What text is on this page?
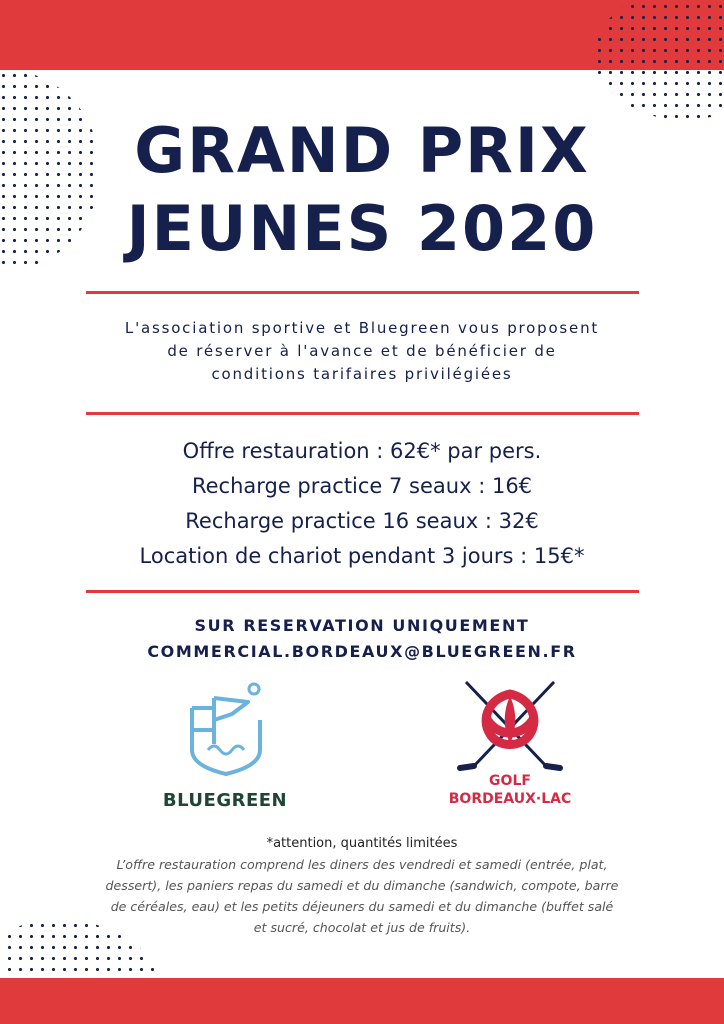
GRAND PRIX
JEUNES 2020
L'association sportive et Bluegreen vous proposent
de réserver à l'avance et de bénéficier de
conditions tarifaires privilégiées
Offre restauration : 62€* par pers.
Recharge practice 7 seaux : 16€
Recharge practice 16 seaux : 32€
Location de chariot pendant 3 jours : 15€*
SUR RESERVATION UNIQUEMENT
COMMERCIAL.BORDEAUX@BLUEGREEN.FR
BLUEGREEN
GOLF
BORDEAUX·LAC
*attention, quantités limitées
L’offre restauration comprend les diners des vendredi et samedi (entrée, plat,
dessert), les paniers repas du samedi et du dimanche (sandwich, compote, barre
de céréales, eau) et les petits déjeuners du samedi et du dimanche (buffet salé
et sucré, chocolat et jus de fruits).
